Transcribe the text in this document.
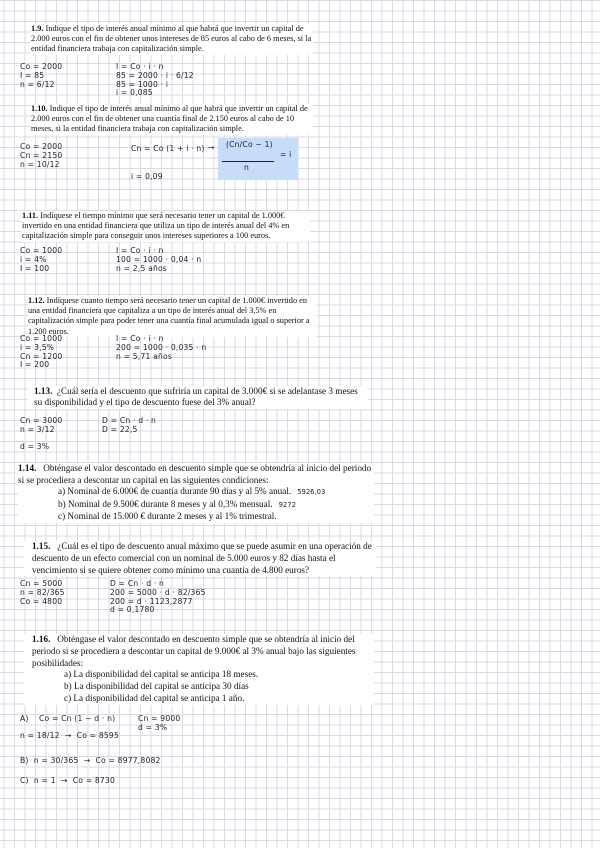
1.9. Indique el tipo de interés anual mínimo al que habrá que invertir un capital de 2.000 euros con el fin de obtener unos intereses de 85 euros al cabo de 6 meses, si la entidad financiera trabaja con capitalización simple.

Co = 2000
I = 85
n = 6/12
I = Co · i · n
85 = 2000 · i · 6/12
85 = 1000 · i
i = 0,085

1.10. Indique el tipo de interés anual mínimo al que habrá que invertir un capital de 2.000 euros con el fin de obtener una cuantía final de 2.150 euros al cabo de 10 meses, si la entidad financiera trabaja con capitalización simple.

Co = 2000
Cn = 2150
n = 10/12
Cn = Co (1 + i · n) → (Cn/Co − 1)
n
= i
i = 0,09

1.11. Indíquese el tiempo mínimo que será necesario tener un capital de 1.000€ invertido en una entidad financiera que utiliza un tipo de interés anual del 4% en capitalización simple para conseguir unos intereses superiores a 100 euros.

Co = 1000
i = 4%
I = 100
I = Co · i · n
100 = 1000 · 0,04 · n
n = 2,5 años

1.12. Indíquese cuanto tiempo será necesario tener un capital de 1.000€ invertido en una entidad financiera que capitaliza a un tipo de interés anual del 3,5% en capitalización simple para poder tener una cuantía final acumulada igual o superior a 1.200 euros.

Co = 1000
i = 3,5%
Cn = 1200
I = 200
I = Co · i · n
200 = 1000 · 0,035 · n
n = 5,71 años

1.13. ¿Cuál sería el descuento que sufriría un capital de 3.000€ si se adelantase 3 meses su disponibilidad y el tipo de descuento fuese del 3% anual?

Cn = 3000
n = 3/12

d = 3%
D = Cn · d · n
D = 22,5

1.14. Obténgase el valor descontado en descuento simple que se obtendría al inicio del periodo si se procediera a descontar un capital en las siguientes condiciones:

a) Nominal de 6.000€ de cuantía durante 90 días y al 5% anual. 5926,03
b) Nominal de 9.500€ durante 8 meses y al 0,3% mensual. 9272
c) Nominal de 15.000 € durante 2 meses y al 1% trimestral.

1.15. ¿Cuál es el tipo de descuento anual máximo que se puede asumir en una operación de descuento de un efecto comercial con un nominal de 5.000 euros y 82 días hasta el vencimiento si se quiere obtener como mínimo una cuantía de 4.800 euros?

Cn = 5000
n = 82/365
Co = 4800
D = Cn · d · n
200 = 5000 · d · 82/365
200 = d · 1123,2877
d = 0,1780

1.16. Obténgase el valor descontado en descuento simple que se obtendría al inicio del periodo si se procediera a descontar un capital de 9.000€ al 3% anual bajo las siguientes posibilidades:

a) La disponibilidad del capital se anticipa 18 meses.
b) La disponibilidad del capital se anticipa 30 días
c) La disponibilidad del capital se anticipa 1 año.
A)    Co = Cn (1 − d · n)	Cn = 9000
d = 3%
n = 18/12  →  Co = 8595
B)  n = 30/365  →  Co = 8977,8082
C)  n = 1  →  Co = 8730
